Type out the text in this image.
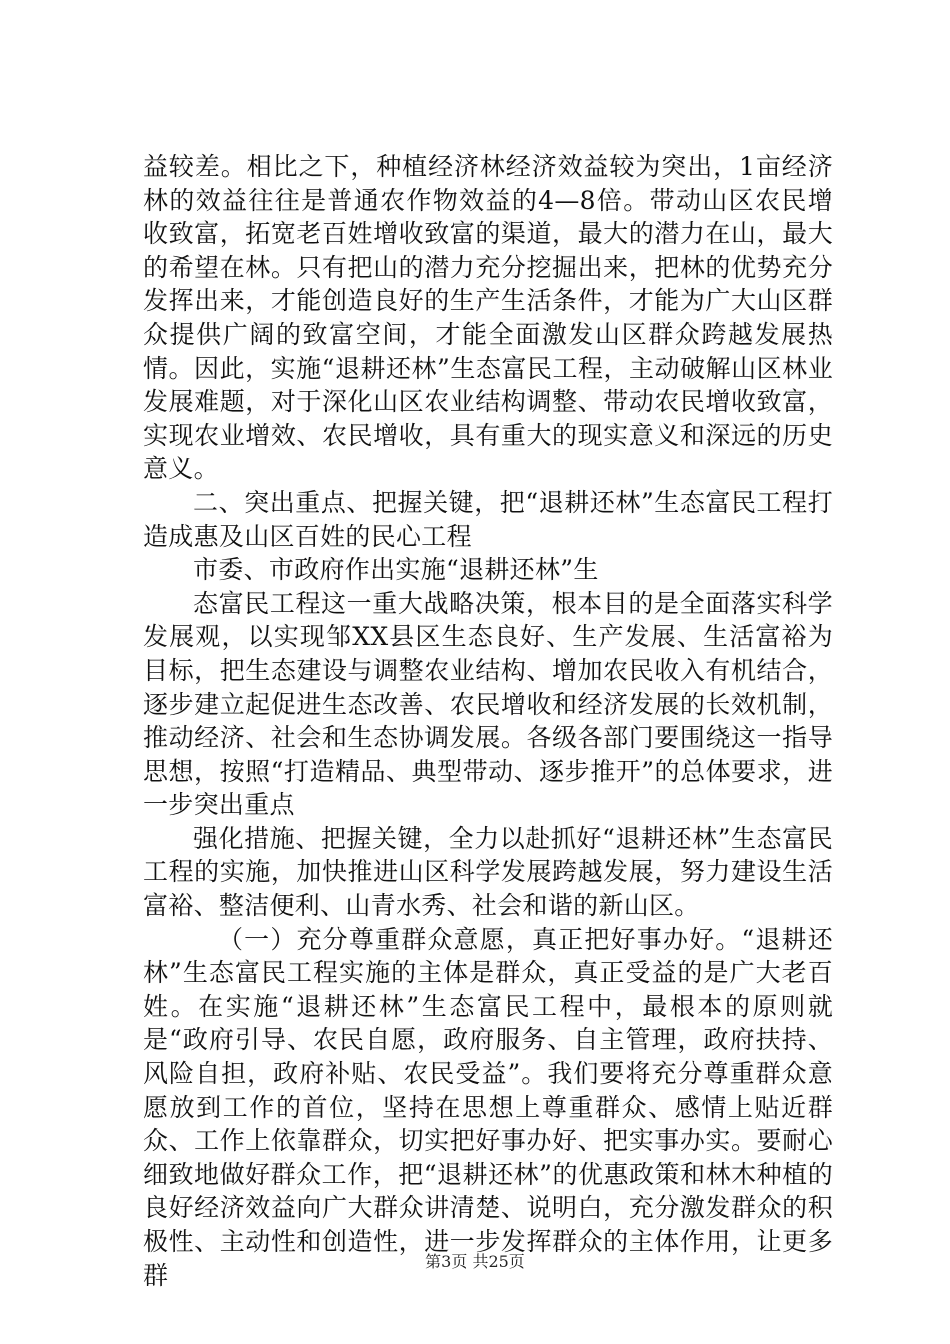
益较差。相比之下，种植经济林经济效益较为突出，1亩经济林的效益往往是普通农作物效益的4—8倍。带动山区农民增收致富，拓宽老百姓增收致富的渠道，最大的潜力在山，最大的希望在林。只有把山的潜力充分挖掘出来，把林的优势充分发挥出来，才能创造良好的生产生活条件，才能为广大山区群众提供广阔的致富空间，才能全面激发山区群众跨越发展热情。因此，实施“退耕还林”生态富民工程，主动破解山区林业发展难题，对于深化山区农业结构调整、带动农民增收致富，实现农业增效、农民增收，具有重大的现实意义和深远的历史意义。

二、突出重点、把握关键，把“退耕还林”生态富民工程打造成惠及山区百姓的民心工程

市委、市政府作出实施“退耕还林”生

态富民工程这一重大战略决策，根本目的是全面落实科学发展观，以实现邹XX县区生态良好、生产发展、生活富裕为目标，把生态建设与调整农业结构、增加农民收入有机结合，逐步建立起促进生态改善、农民增收和经济发展的长效机制，推动经济、社会和生态协调发展。各级各部门要围绕这一指导思想，按照“打造精品、典型带动、逐步推开”的总体要求，进一步突出重点

强化措施、把握关键，全力以赴抓好“退耕还林”生态富民工程的实施，加快推进山区科学发展跨越发展，努力建设生活富裕、整洁便利、山青水秀、社会和谐的新山区。

（一）充分尊重群众意愿，真正把好事办好。“退耕还林”生态富民工程实施的主体是群众，真正受益的是广大老百姓。在实施“退耕还林”生态富民工程中，最根本的原则就是“政府引导、农民自愿，政府服务、自主管理，政府扶持、风险自担，政府补贴、农民受益”。我们要将充分尊重群众意愿放到工作的首位，坚持在思想上尊重群众、感情上贴近群众、工作上依靠群众，切实把好事办好、把实事办实。要耐心细致地做好群众工作，把“退耕还林”的优惠政策和林木种植的良好经济效益向广大群众讲清楚、说明白，充分激发群众的积极性、主动性和创造性，进一步发挥群众的主体作用，让更多群	第3页 共25页
